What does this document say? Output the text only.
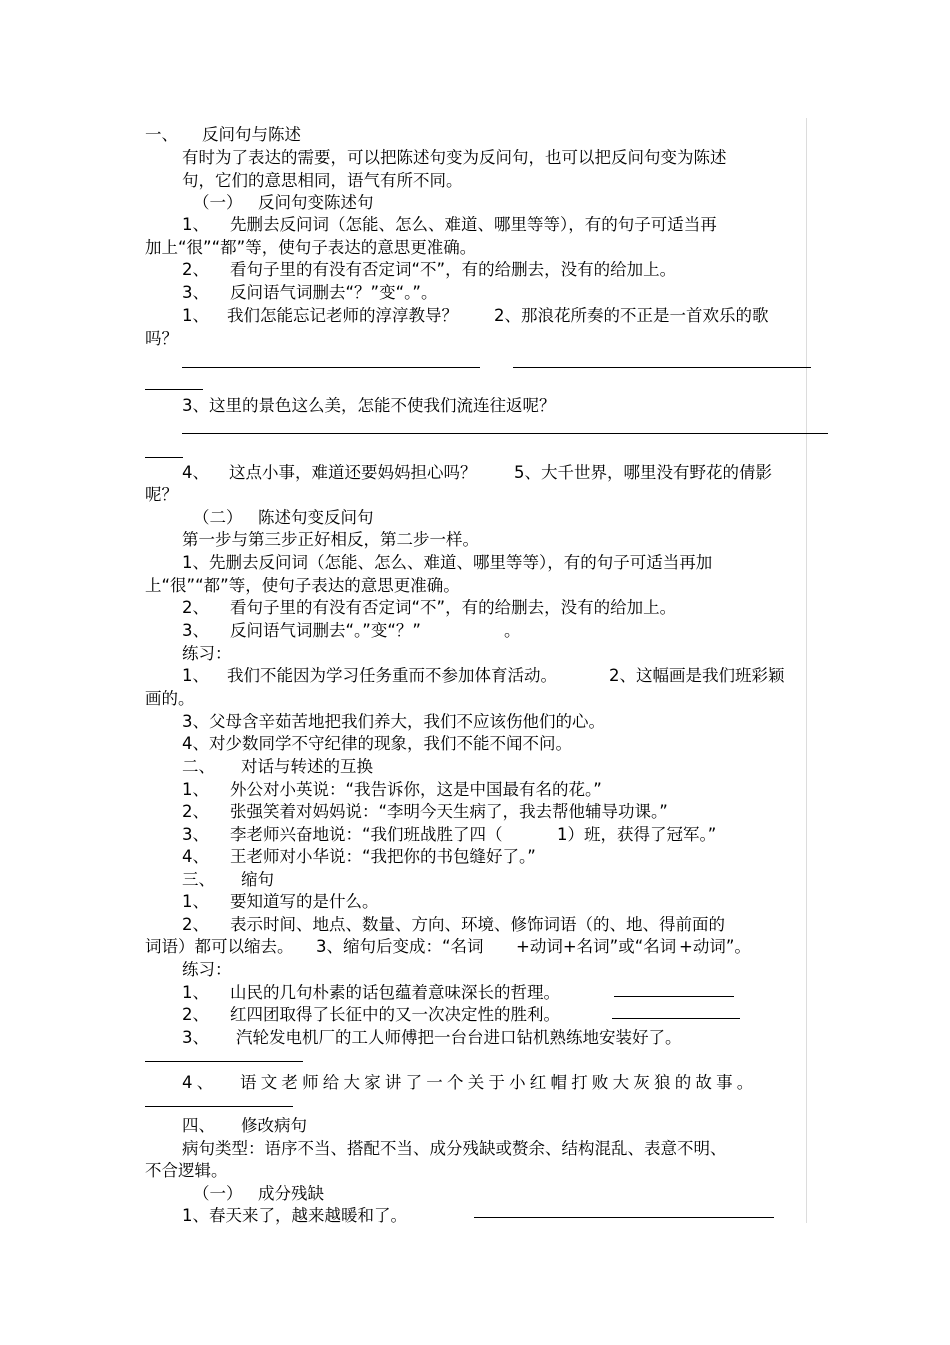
一、 反问句与陈述
有时为了表达的需要，可以把陈述句变为反问句，也可以把反问句变为陈述
句，它们的意思相同，语气有所不同。
（一） 反问句变陈述句
1、 先删去反问词（怎能、怎么、难道、哪里等等），有的句子可适当再
加上“很”“都”等，使句子表达的意思更准确。
2、 看句子里的有没有否定词“不”，有的给删去，没有的给加上。
3、 反问语气词删去“？”变“。”。
1、 我们怎能忘记老师的淳淳教导？ 2、那浪花所奏的不正是一首欢乐的歌
吗？
3、这里的景色这么美，怎能不使我们流连往返呢？
4、 这点小事，难道还要妈妈担心吗？ 5、大千世界，哪里没有野花的倩影
呢？
（二） 陈述句变反问句
第一步与第三步正好相反，第二步一样。
1、先删去反问词（怎能、怎么、难道、哪里等等），有的句子可适当再加
上“很”“都”等，使句子表达的意思更准确。
2、 看句子里的有没有否定词“不”，有的给删去，没有的给加上。
3、 反问语气词删去“。”变“？”	。
练习：
1、 我们不能因为学习任务重而不参加体育活动。	2、这幅画是我们班彩颖
画的。
3、父母含辛茹苦地把我们养大，我们不应该伤他们的心。
4、对少数同学不守纪律的现象，我们不能不闻不问。
二、 对话与转述的互换
1、 外公对小英说：“我告诉你，这是中国最有名的花。”
2、 张强笑着对妈妈说：“李明今天生病了，我去帮他辅导功课。”
3、 李老师兴奋地说：“我们班战胜了四（	1）班，获得了冠军。”
4、 王老师对小华说：“我把你的书包缝好了。”
三、 缩句
1、 要知道写的是什么。
2、 表示时间、地点、数量、方向、环境、修饰词语（的、地、得前面的
词语）都可以缩去。 3、缩句后变成：“名词 +动词+名词”或“名词 +动词”。
练习：
1、 山民的几句朴素的话包蕴着意味深长的哲理。
2、 红四团取得了长征中的又一次决定性的胜利。
3、 汽轮发电机厂的工人师傅把一台台进口钻机熟练地安装好了。
4、 语文老师给大家讲了一个关于小红帽打败大灰狼的故事。
四、 修改病句
病句类型：语序不当、搭配不当、成分残缺或赘余、结构混乱、表意不明、
不合逻辑。
（一） 成分残缺
1、春天来了，越来越暖和了。
